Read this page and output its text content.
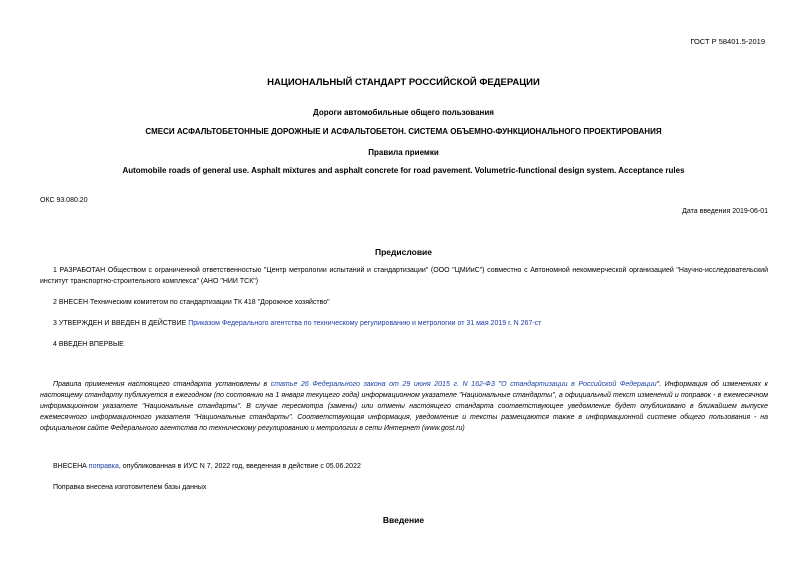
ГОСТ Р 58401.5-2019
НАЦИОНАЛЬНЫЙ СТАНДАРТ РОССИЙСКОЙ ФЕДЕРАЦИИ
Дороги автомобильные общего пользования
СМЕСИ АСФАЛЬТОБЕТОННЫЕ ДОРОЖНЫЕ И АСФАЛЬТОБЕТОН. СИСТЕМА ОБЪЕМНО-ФУНКЦИОНАЛЬНОГО ПРОЕКТИРОВАНИЯ
Правила приемки
Automobile roads of general use. Asphalt mixtures and asphalt concrete for road pavement. Volumetric-functional design system. Acceptance rules
ОКС 93.080.20
Дата введения 2019-06-01
Предисловие
1 РАЗРАБОТАН Обществом с ограниченной ответственностью "Центр метрологии испытаний и стандартизации" (ООО "ЦМИиС") совместно с Автономной некоммерческой организацией "Научно-исследовательский институт транспортно-строительного комплекса" (АНО "НИИ ТСК")
2 ВНЕСЕН Техническим комитетом по стандартизации ТК 418 "Дорожное хозяйство"
3 УТВЕРЖДЕН И ВВЕДЕН В ДЕЙСТВИЕ Приказом Федерального агентства по техническому регулированию и метрологии от 31 мая 2019 г. N 267-ст
4 ВВЕДЕН ВПЕРВЫЕ
Правила применения настоящего стандарта установлены в статье 26 Федерального закона от 29 июня 2015 г. N 162-ФЗ "О стандартизации в Российской Федерации". Информация об изменениях к настоящему стандарту публикуется в ежегодном (по состоянию на 1 января текущего года) информационном указателе "Национальные стандарты", а официальный текст изменений и поправок - в ежемесячном информационном указателе "Национальные стандарты". В случае пересмотра (замены) или отмены настоящего стандарта соответствующее уведомление будет опубликовано в ближайшем выпуске ежемесячного информационного указателя "Национальные стандарты". Соответствующая информация, уведомление и тексты размещаются также в информационной системе общего пользования - на официальном сайте Федерального агентства по техническому регулированию и метрологии в сети Интернет (www.gost.ru)
ВНЕСЕНА поправка, опубликованная в ИУС N 7, 2022 год, введенная в действие с 05.06.2022
Поправка внесена изготовителем базы данных
Введение
